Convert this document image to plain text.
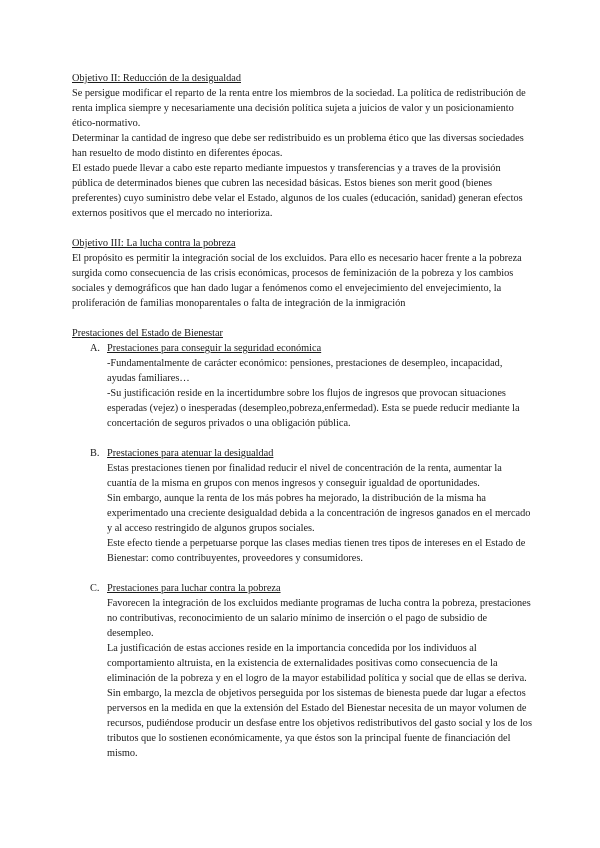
Objetivo II: Reducción de la desigualdad

Se persigue modificar el reparto de la renta entre los miembros de la sociedad. La política de redistribución de renta implica siempre y necesariamente una decisión política sujeta a juicios de valor y un posicionamiento ético-normativo.

Determinar la cantidad de ingreso que debe ser redistribuido es un problema ético que las diversas sociedades han resuelto de modo distinto en diferentes épocas.

El estado puede llevar a cabo este reparto mediante impuestos y transferencias y a traves de la provisión pública de determinados bienes que cubren las necesidad básicas. Estos bienes son merit good (bienes preferentes) cuyo suministro debe velar el Estado, algunos de los cuales (educación, sanidad) generan efectos externos positivos que el mercado no interioriza.

Objetivo III: La lucha contra la pobreza

El propósito es permitir la integración social de los excluidos. Para ello es necesario hacer frente a la pobreza surgida como consecuencia de las crisis económicas, procesos de feminización de la pobreza y los cambios sociales y demográficos que han dado lugar a fenómenos como el envejecimiento del envejecimiento, la proliferación de familias monoparentales o falta de integración de la inmigración

Prestaciones del Estado de Bienestar

A. Prestaciones para conseguir la seguridad económica

-Fundamentalmente de carácter económico: pensiones, prestaciones de desempleo, incapacidad, ayudas familiares…

-Su justificación reside en la incertidumbre sobre los flujos de ingresos que provocan situaciones esperadas (vejez) o inesperadas (desempleo,pobreza,enfermedad). Esta se puede reducir mediante la concertación de seguros privados o una obligación pública.

B. Prestaciones para atenuar la desigualdad

Estas prestaciones tienen por finalidad reducir el nivel de concentración de la renta, aumentar la cuantía de la misma en grupos con menos ingresos y conseguir igualdad de oportunidades.

Sin embargo, aunque la renta de los más pobres ha mejorado, la distribución de la misma ha experimentado una creciente desigualdad debida a la concentración de ingresos ganados en el mercado y al acceso restringido de algunos grupos sociales.

Este efecto tiende a perpetuarse porque las clases medias tienen tres tipos de intereses en el Estado de Bienestar: como contribuyentes, proveedores y consumidores.

C. Prestaciones para luchar contra la pobreza

Favorecen la integración de los excluidos mediante programas de lucha contra la pobreza, prestaciones no contributivas, reconocimiento de un salario mínimo de inserción o el pago de subsidio de desempleo.

La justificación de estas acciones reside en la importancia concedida por los individuos al comportamiento altruista, en la existencia de externalidades positivas como consecuencia de la eliminación de la pobreza y en el logro de la mayor estabilidad política y social que de ellas se deriva.

Sin embargo, la mezcla de objetivos perseguida por los sistemas de bienesta puede dar lugar a efectos perversos en la medida en que la extensión del Estado del Bienestar necesita de un mayor volumen de recursos, pudiéndose producir un desfase entre los objetivos redistributivos del gasto social y los de los tributos que lo sostienen económicamente, ya que éstos son la principal fuente de financiación del mismo.
